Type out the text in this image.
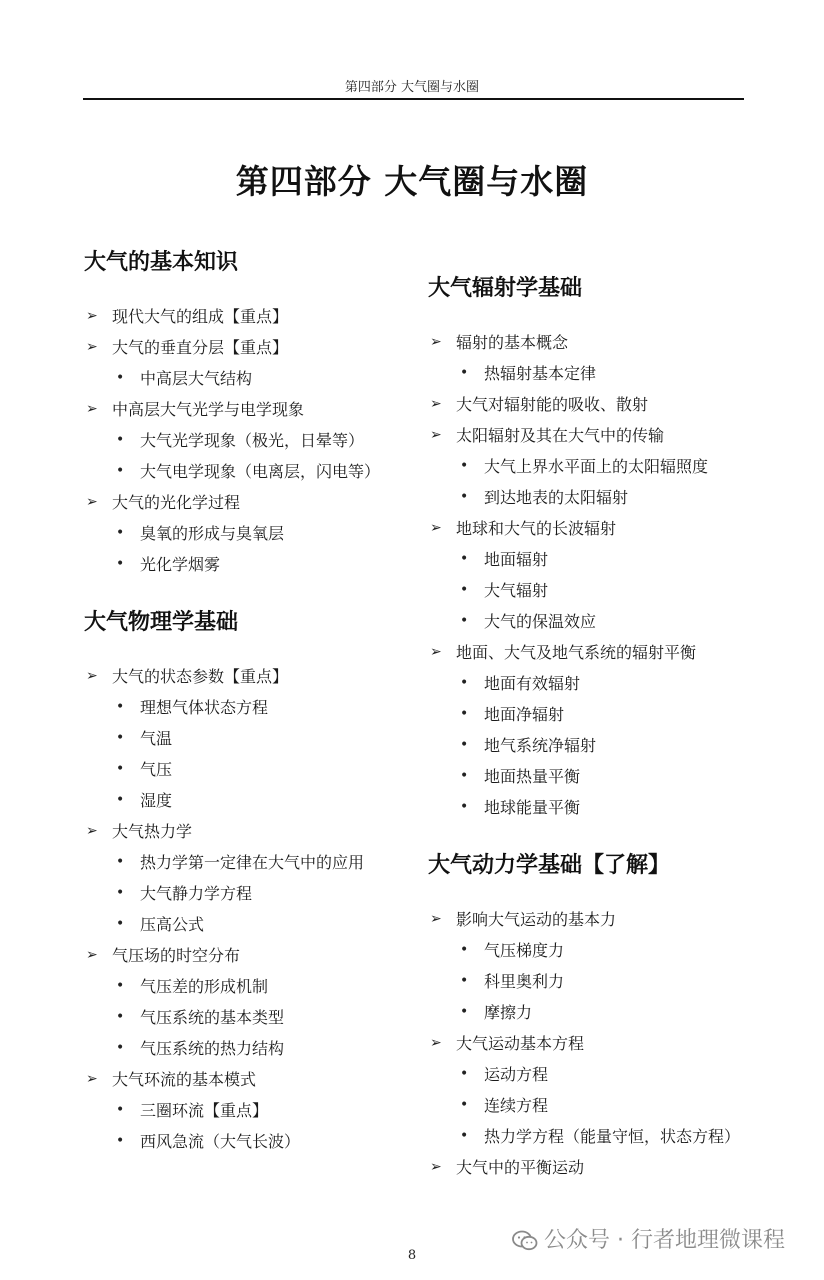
第四部分 大气圈与水圈
第四部分 大气圈与水圈
大气的基本知识
➢ 现代大气的组成【重点】
➢ 大气的垂直分层【重点】
• 中高层大气结构
➢ 中高层大气光学与电学现象
• 大气光学现象（极光，日晕等）
• 大气电学现象（电离层，闪电等）
➢ 大气的光化学过程
• 臭氧的形成与臭氧层
• 光化学烟雾
大气物理学基础
➢ 大气的状态参数【重点】
• 理想气体状态方程
• 气温
• 气压
• 湿度
➢ 大气热力学
• 热力学第一定律在大气中的应用
• 大气静力学方程
• 压高公式
➢ 气压场的时空分布
• 气压差的形成机制
• 气压系统的基本类型
• 气压系统的热力结构
➢ 大气环流的基本模式
• 三圈环流【重点】
• 西风急流（大气长波）
大气辐射学基础
➢ 辐射的基本概念
• 热辐射基本定律
➢ 大气对辐射能的吸收、散射
➢ 太阳辐射及其在大气中的传输
• 大气上界水平面上的太阳辐照度
• 到达地表的太阳辐射
➢ 地球和大气的长波辐射
• 地面辐射
• 大气辐射
• 大气的保温效应
➢ 地面、大气及地气系统的辐射平衡
• 地面有效辐射
• 地面净辐射
• 地气系统净辐射
• 地面热量平衡
• 地球能量平衡
大气动力学基础【了解】
➢ 影响大气运动的基本力
• 气压梯度力
• 科里奥利力
• 摩擦力
➢ 大气运动基本方程
• 运动方程
• 连续方程
• 热力学方程（能量守恒，状态方程）
➢ 大气中的平衡运动
公众号 · 行者地理微课程
8
